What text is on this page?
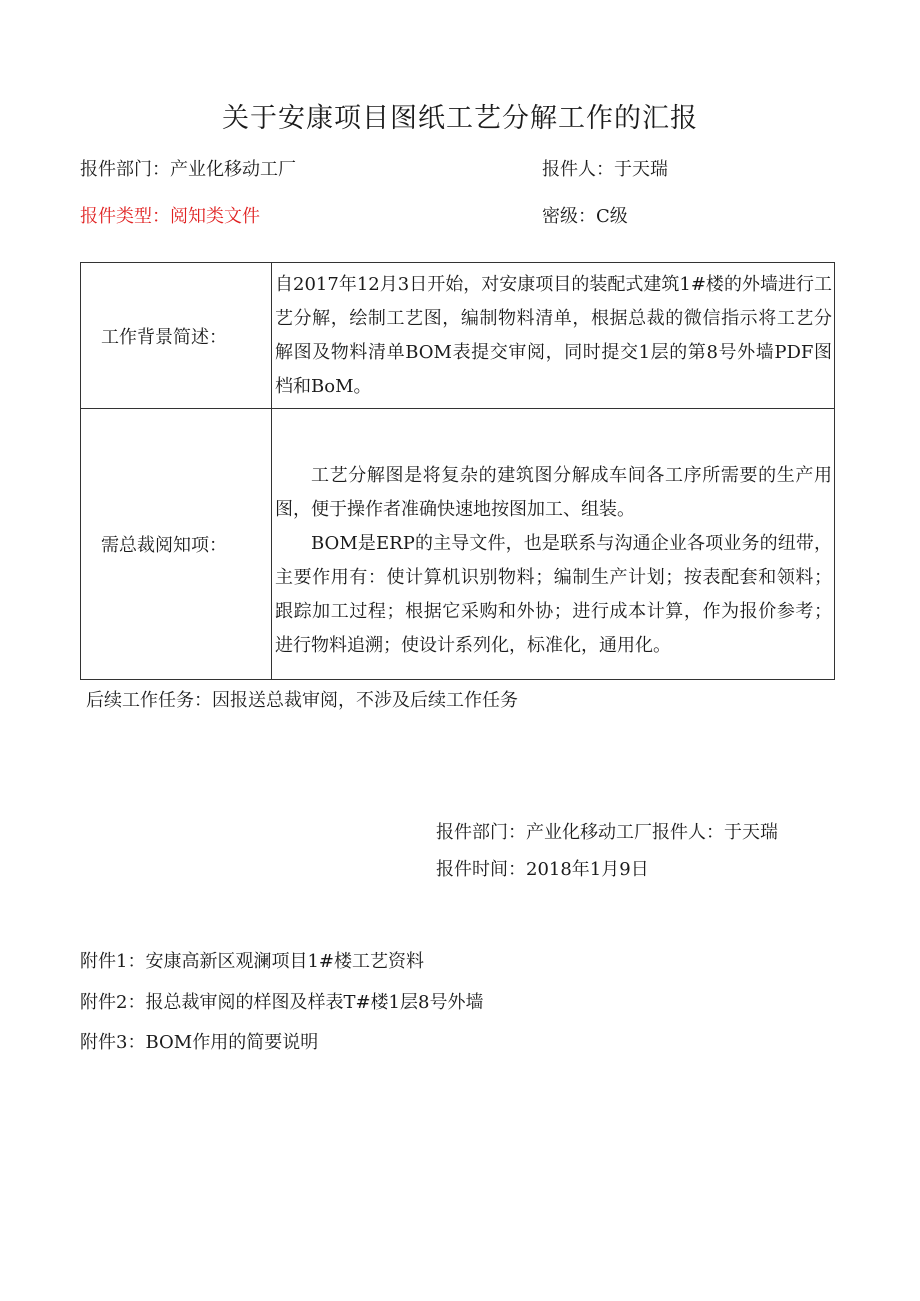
关于安康项目图纸工艺分解工作的汇报
报件部门：产业化移动工厂	报件人：于天瑞
报件类型：阅知类文件	密级：C级
工作背景简述：	自2017年12月3日开始，对安康项目的装配式建筑1#楼的外墙进行工艺分解，绘制工艺图，编制物料清单，根据总裁的微信指示将工艺分解图及物料清单BOM表提交审阅，同时提交1层的第8号外墙PDF图档和BoM。

需总裁阅知项：	工艺分解图是将复杂的建筑图分解成车间各工序所需要的生产用图，便于操作者准确快速地按图加工、组装。

BOM是ERP的主导文件，也是联系与沟通企业各项业务的纽带，主要作用有：使计算机识别物料；编制生产计划；按表配套和领料；跟踪加工过程；根据它采购和外协；进行成本计算，作为报价参考；进行物料追溯；使设计系列化，标准化，通用化。

后续工作任务：因报送总裁审阅，不涉及后续工作任务
报件部门：产业化移动工厂报件人：于天瑞
报件时间：2018年1月9日
附件1：安康高新区观澜项目1#楼工艺资料
附件2：报总裁审阅的样图及样表T#楼1层8号外墙
附件3：BOM作用的简要说明
